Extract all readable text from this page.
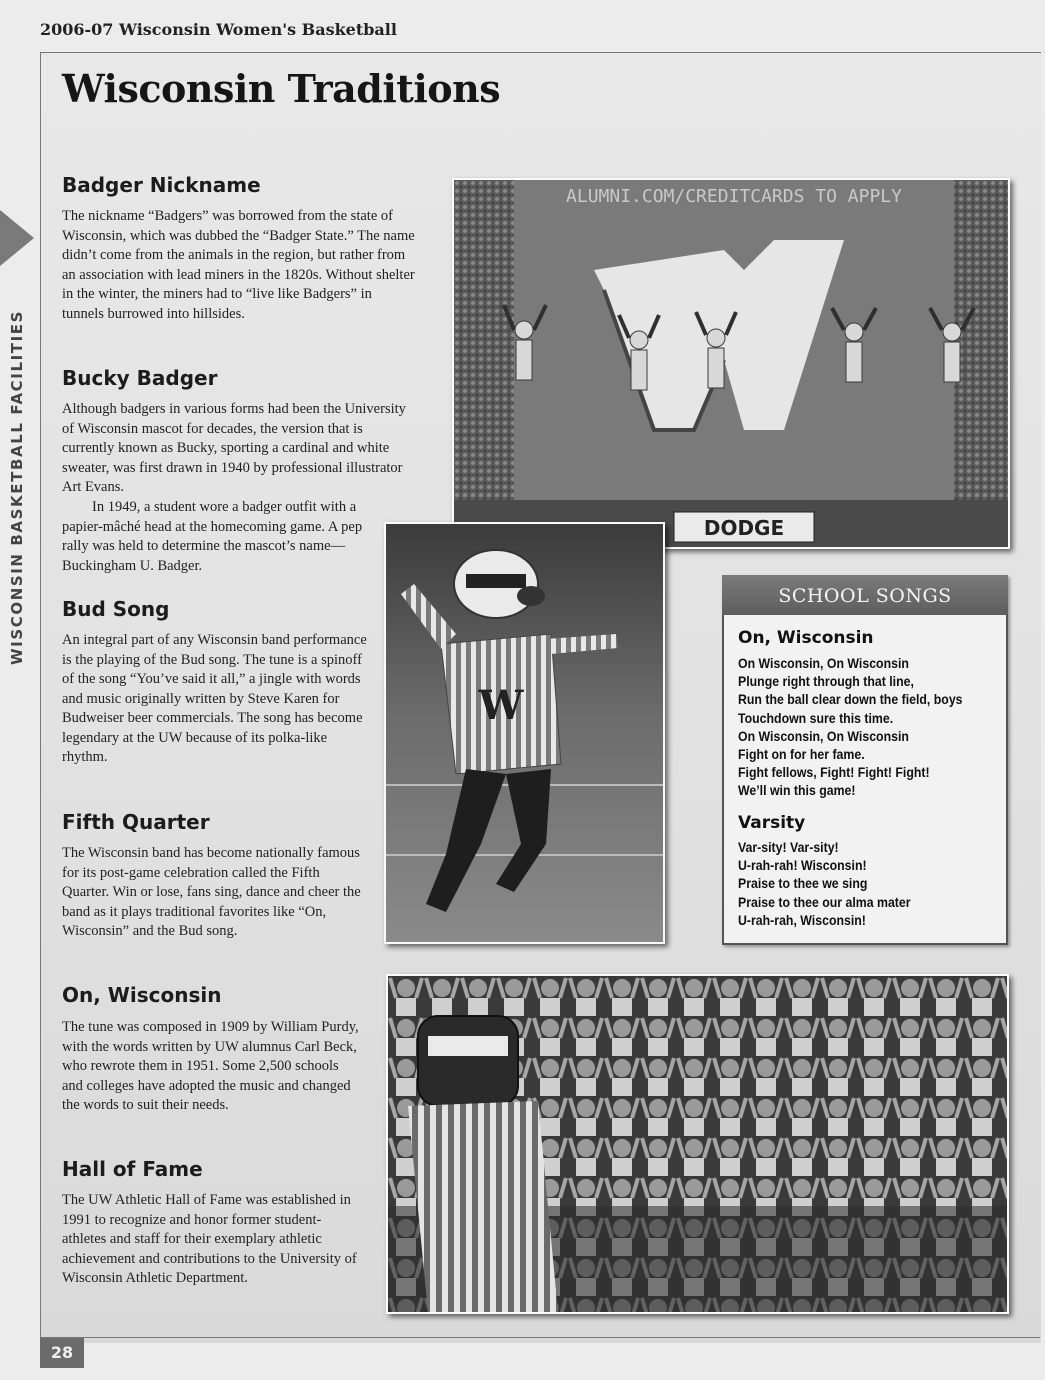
2006-07 Wisconsin Women's Basketball
Wisconsin Traditions
WISCONSIN BASKETBALL FACILITIES
Badger Nickname

The nickname “Badgers” was borrowed from the state of Wisconsin, which was dubbed the “Badger State.” The name didn’t come from the animals in the region, but rather from an association with lead miners in the 1820s. Without shelter in the winter, the miners had to “live like Badgers” in tunnels burrowed into hillsides.

Bucky Badger

Although badgers in various forms had been the University of Wisconsin mascot for decades, the version that is currently known as Bucky, sporting a cardinal and white sweater, was first drawn in 1940 by professional illustrator Art Evans.

In 1949, a student wore a badger outfit with a papier-mâché head at the homecoming game. A pep rally was held to determine the mascot’s name—Buckingham U. Badger.

Bud Song

An integral part of any Wisconsin band performance is the playing of the Bud song. The tune is a spinoff of the song “You’ve said it all,” a jingle with words and music originally written by Steve Karen for Budweiser beer commercials. The song has become legendary at the UW because of its polka-like rhythm.

Fifth Quarter

The Wisconsin band has become nationally famous for its post-game celebration called the Fifth Quarter. Win or lose, fans sing, dance and cheer the band as it plays traditional favorites like “On, Wisconsin” and the Bud song.

On, Wisconsin

The tune was composed in 1909 by William Purdy, with the words written by UW alumnus Carl Beck, who rewrote them in 1951. Some 2,500 schools and colleges have adopted the music and changed the words to suit their needs.

Hall of Fame

The UW Athletic Hall of Fame was established in 1991 to recognize and honor former student-athletes and staff for their exemplary athletic achievement and contributions to the University of Wisconsin Athletic Department.

ALUMNI.COM/CREDITCARDS TO APPLY
DODGE
W
SCHOOL SONGS
On, Wisconsin
On Wisconsin, On Wisconsin
Plunge right through that line,
Run the ball clear down the field, boys
Touchdown sure this time.
On Wisconsin, On Wisconsin
Fight on for her fame.
Fight fellows, Fight! Fight! Fight!
We’ll win this game!
Varsity
Var-sity! Var-sity!
U-rah-rah! Wisconsin!
Praise to thee we sing
Praise to thee our alma mater
U-rah-rah, Wisconsin!
28
